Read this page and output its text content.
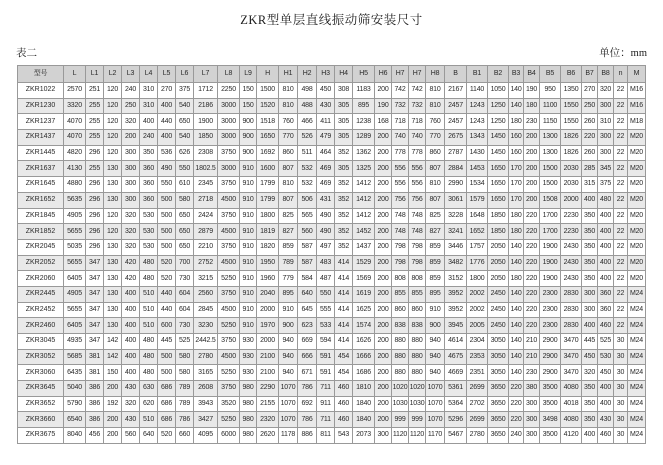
ZKR型单层直线振动筛安装尺寸
表二	单位：mm
型号	L	L1	L2	L3	L4	L5	L6	L7	L8	L9	H	H1	H2	H3	H4	H5	H6	H7	H7	H8	B	B1	B2	B3	B4	B5	B6	B7	B8	n	M
ZKR1022	2570	251	120	240	310	270	375	1712	2250	150	1500	810	498	450	308	1183	200	742	742	810	2167	1140	1050	140	190	950	1350	270	320	22	M16
ZKR1230	3320	255	120	250	310	400	540	2186	3000	150	1520	810	488	430	305	895	190	732	732	810	2457	1243	1250	140	180	1100	1550	250	300	22	M16
ZKR1237	4070	255	120	320	400	440	650	1900	3000	900	1518	760	466	411	305	1238	168	718	718	760	2457	1243	1250	180	230	1150	1550	260	310	22	M18
ZKR1437	4070	255	120	200	240	400	540	1850	3000	900	1650	770	526	479	305	1289	200	740	740	770	2675	1343	1450	160	200	1300	1826	220	300	22	M20
ZKR1445	4820	296	120	300	350	536	626	2308	3750	900	1692	860	511	464	352	1362	200	778	778	860	2787	1430	1450	160	200	1300	1826	260	300	22	M20
ZKR1637	4130	255	130	300	360	490	550	1802.5	3000	910	1600	807	532	469	305	1325	200	556	556	807	2884	1453	1650	170	200	1500	2030	285	345	22	M20
ZKR1645	4880	296	130	300	360	550	610	2345	3750	910	1799	810	532	469	352	1412	200	556	556	810	2990	1534	1650	170	200	1500	2030	315	375	22	M20
ZKR1652	5635	296	130	300	360	500	580	2718	4500	910	1799	807	506	431	352	1412	200	756	756	807	3061	1579	1650	170	200	1508	2000	400	480	22	M20
ZKR1845	4905	296	120	320	530	500	650	2424	3750	910	1800	825	565	490	352	1412	200	748	748	825	3228	1648	1850	180	220	1700	2230	350	400	22	M20
ZKR1852	5655	296	120	320	530	500	650	2879	4500	910	1819	827	560	490	352	1452	200	748	748	827	3241	1652	1850	180	220	1700	2230	350	400	22	M20
ZKR2045	5035	296	130	320	530	500	650	2210	3750	910	1820	859	587	497	352	1437	200	798	798	859	3446	1757	2050	140	220	1900	2430	350	400	22	M20
ZKR2052	5655	347	130	420	480	520	700	2752	4500	910	1950	789	587	483	414	1529	200	798	798	859	3482	1776	2050	140	220	1900	2430	350	400	22	M20
ZKR2060	6405	347	130	420	480	520	730	3215	5250	910	1960	779	584	487	414	1569	200	808	808	859	3152	1800	2050	180	220	1900	2430	350	400	22	M20
ZKR2445	4905	347	130	400	510	440	604	2560	3750	910	2040	895	640	550	414	1619	200	855	855	895	3952	2002	2450	140	220	2300	2830	300	360	22	M24
ZKR2452	5655	347	130	400	510	440	604	2845	4500	910	2000	910	645	555	414	1625	200	860	860	910	3952	2002	2450	140	220	2300	2830	300	360	22	M24
ZKR2460	6405	347	130	400	510	600	730	3230	5250	910	1970	900	623	533	414	1574	200	838	838	900	3945	2005	2450	140	220	2300	2830	400	460	22	M24
ZKR3045	4935	347	142	400	480	445	525	2442.5	3750	930	2000	940	669	594	414	1626	200	880	880	940	4614	2304	3050	140	210	2900	3470	445	525	30	M24
ZKR3052	5685	381	142	400	480	500	580	2780	4500	930	2100	940	666	591	454	1666	200	880	880	940	4675	2353	3050	140	210	2900	3470	450	530	30	M24
ZKR3060	6435	381	150	400	480	500	580	3165	5250	930	2100	940	671	591	454	1686	200	880	880	940	4669	2351	3050	140	230	2900	3470	320	450	30	M24
ZKR3645	5040	386	200	430	630	686	789	2608	3750	980	2290	1070	786	711	460	1810	200	1020	1020	1070	5361	2699	3650	220	380	3500	4080	350	400	30	M24
ZKR3652	5790	386	192	320	620	686	789	3943	3520	980	2155	1070	692	911	460	1840	200	1030	1030	1070	5364	2702	3650	220	300	3500	4018	350	400	30	M24
ZKR3660	6540	386	200	430	510	686	786	3427	5250	980	2320	1070	786	711	460	1840	200	999	999	1070	5296	2699	3650	220	300	3498	4080	350	430	30	M24
ZKR3675	8040	456	200	560	640	520	660	4095	6000	980	2620	1178	886	811	543	2073	300	1120	1120	1170	5467	2780	3650	240	300	3500	4120	400	460	30	M24
